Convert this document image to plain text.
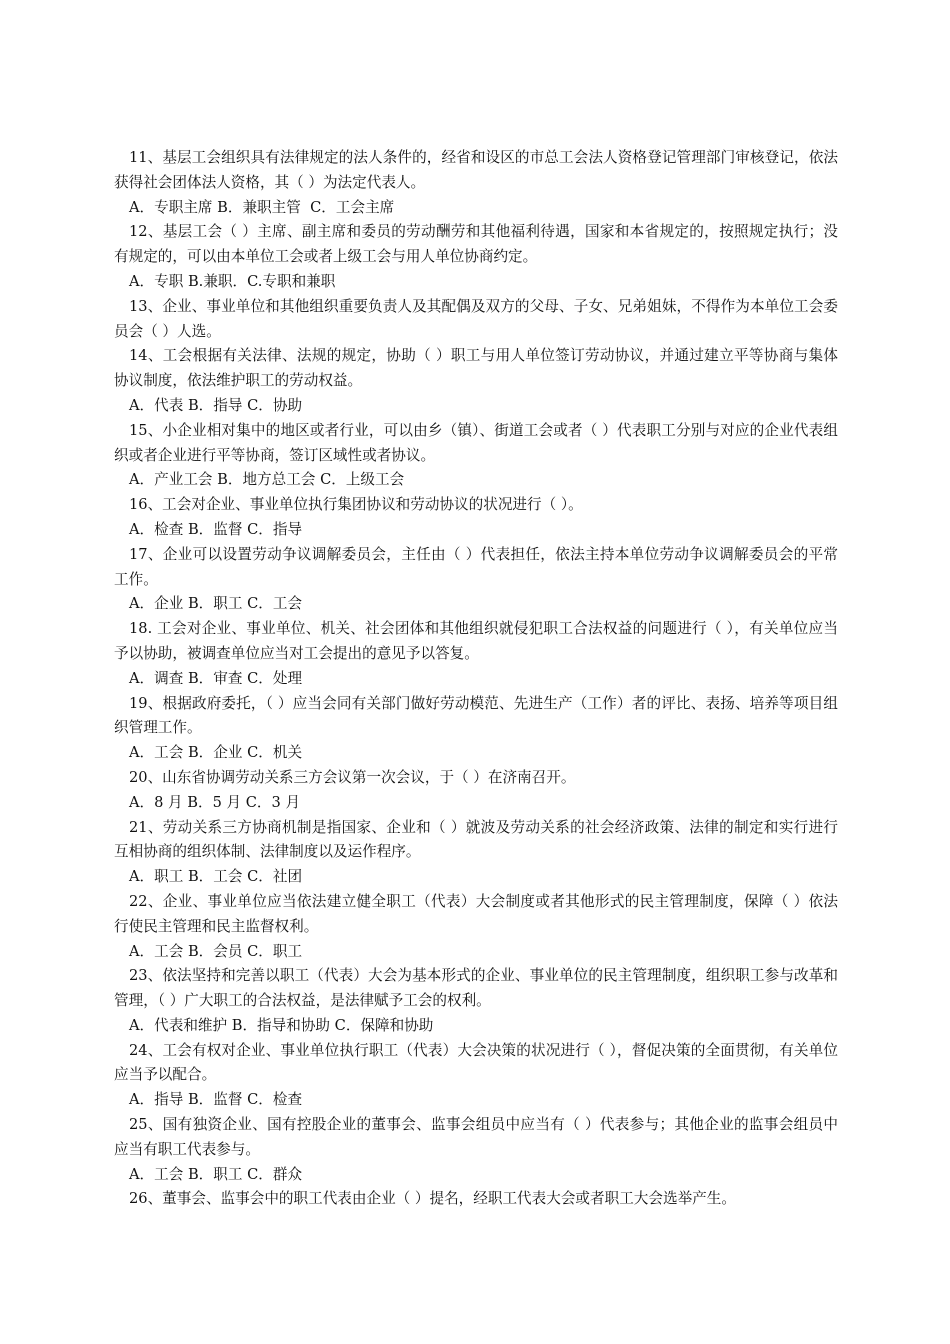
11、基层工会组织具有法律规定的法人条件的，经省和设区的市总工会法人资格登记管理部门审核登记，依法获得社会团体法人资格，其（ ）为法定代表人。

A．专职主席 B．兼职主管  C．工会主席

12、基层工会（ ）主席、副主席和委员的劳动酬劳和其他福利待遇，国家和本省规定的，按照规定执行；没有规定的，可以由本单位工会或者上级工会与用人单位协商约定。

A．专职 B.兼职．C.专职和兼职

13、企业、事业单位和其他组织重要负责人及其配偶及双方的父母、子女、兄弟姐妹，不得作为本单位工会委员会（ ）人选。

14、工会根据有关法律、法规的规定，协助（ ）职工与用人单位签订劳动协议，并通过建立平等协商与集体协议制度，依法维护职工的劳动权益。

A．代表 B．指导 C．协助

15、小企业相对集中的地区或者行业，可以由乡（镇）、街道工会或者（ ）代表职工分别与对应的企业代表组织或者企业进行平等协商，签订区域性或者协议。

A．产业工会 B．地方总工会 C．上级工会

16、工会对企业、事业单位执行集团协议和劳动协议的状况进行（ ）。

A．检查 B．监督 C．指导

17、企业可以设置劳动争议调解委员会，主任由（ ）代表担任，依法主持本单位劳动争议调解委员会的平常工作。

A．企业 B．职工 C．工会

18. 工会对企业、事业单位、机关、社会团体和其他组织就侵犯职工合法权益的问题进行（ ），有关单位应当予以协助，被调查单位应当对工会提出的意见予以答复。

A．调查 B．审查 C．处理

19、根据政府委托，（ ）应当会同有关部门做好劳动模范、先进生产（工作）者的评比、表扬、培养等项目组织管理工作。

A．工会 B．企业 C．机关

20、山东省协调劳动关系三方会议第一次会议，于（ ）在济南召开。

A．8 月 B．5 月 C．3 月

21、劳动关系三方协商机制是指国家、企业和（ ）就波及劳动关系的社会经济政策、法律的制定和实行进行互相协商的组织体制、法律制度以及运作程序。

A．职工 B．工会 C．社团

22、企业、事业单位应当依法建立健全职工（代表）大会制度或者其他形式的民主管理制度，保障（ ）依法行使民主管理和民主监督权利。

A．工会 B．会员 C．职工

23、依法坚持和完善以职工（代表）大会为基本形式的企业、事业单位的民主管理制度，组织职工参与改革和管理，（ ）广大职工的合法权益，是法律赋予工会的权利。

A．代表和维护 B．指导和协助 C．保障和协助

24、工会有权对企业、事业单位执行职工（代表）大会决策的状况进行（ ），督促决策的全面贯彻，有关单位应当予以配合。

A．指导 B．监督 C．检查

25、国有独资企业、国有控股企业的董事会、监事会组员中应当有（ ）代表参与；其他企业的监事会组员中应当有职工代表参与。

A．工会 B．职工 C．群众

26、董事会、监事会中的职工代表由企业（ ）提名，经职工代表大会或者职工大会选举产生。
